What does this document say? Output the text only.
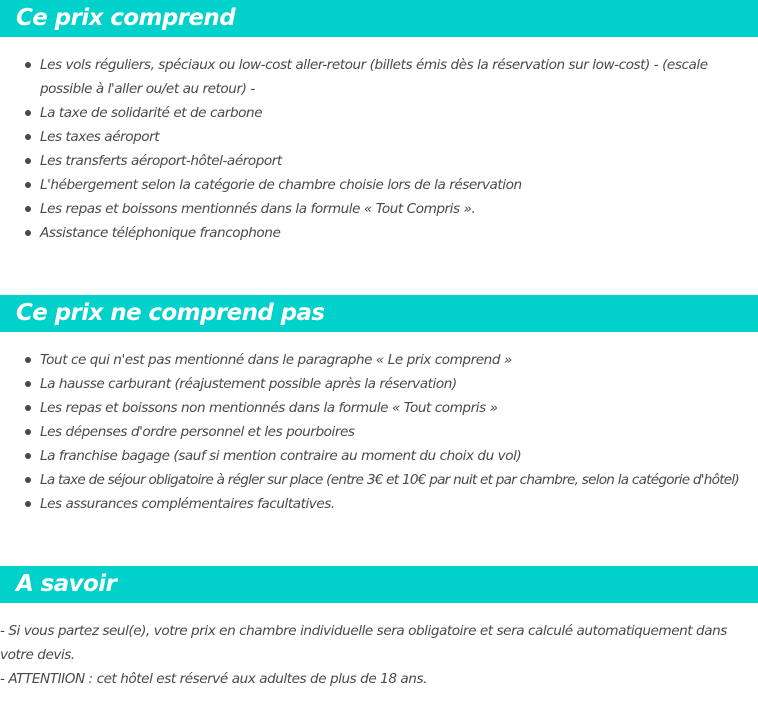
Ce prix comprend
Les vols réguliers, spéciaux ou low-cost aller-retour (billets émis dès la réservation sur low-cost) - (escale possible à l'aller ou/et au retour) -
La taxe de solidarité et de carbone
Les taxes aéroport
Les transferts aéroport-hôtel-aéroport
L'hébergement selon la catégorie de chambre choisie lors de la réservation
Les repas et boissons mentionnés dans la formule « Tout Compris ».
Assistance téléphonique francophone
Ce prix ne comprend pas
Tout ce qui n'est pas mentionné dans le paragraphe « Le prix comprend »
La hausse carburant (réajustement possible après la réservation)
Les repas et boissons non mentionnés dans la formule « Tout compris »
Les dépenses d'ordre personnel et les pourboires
La franchise bagage (sauf si mention contraire au moment du choix du vol)
La taxe de séjour obligatoire à régler sur place (entre 3€ et 10€ par nuit et par chambre, selon la catégorie d'hôtel)
Les assurances complémentaires facultatives.
A savoir

- Si vous partez seul(e), votre prix en chambre individuelle sera obligatoire et sera calculé automatiquement dans votre devis.

- ATTENTIION : cet hôtel est réservé aux adultes de plus de 18 ans.
